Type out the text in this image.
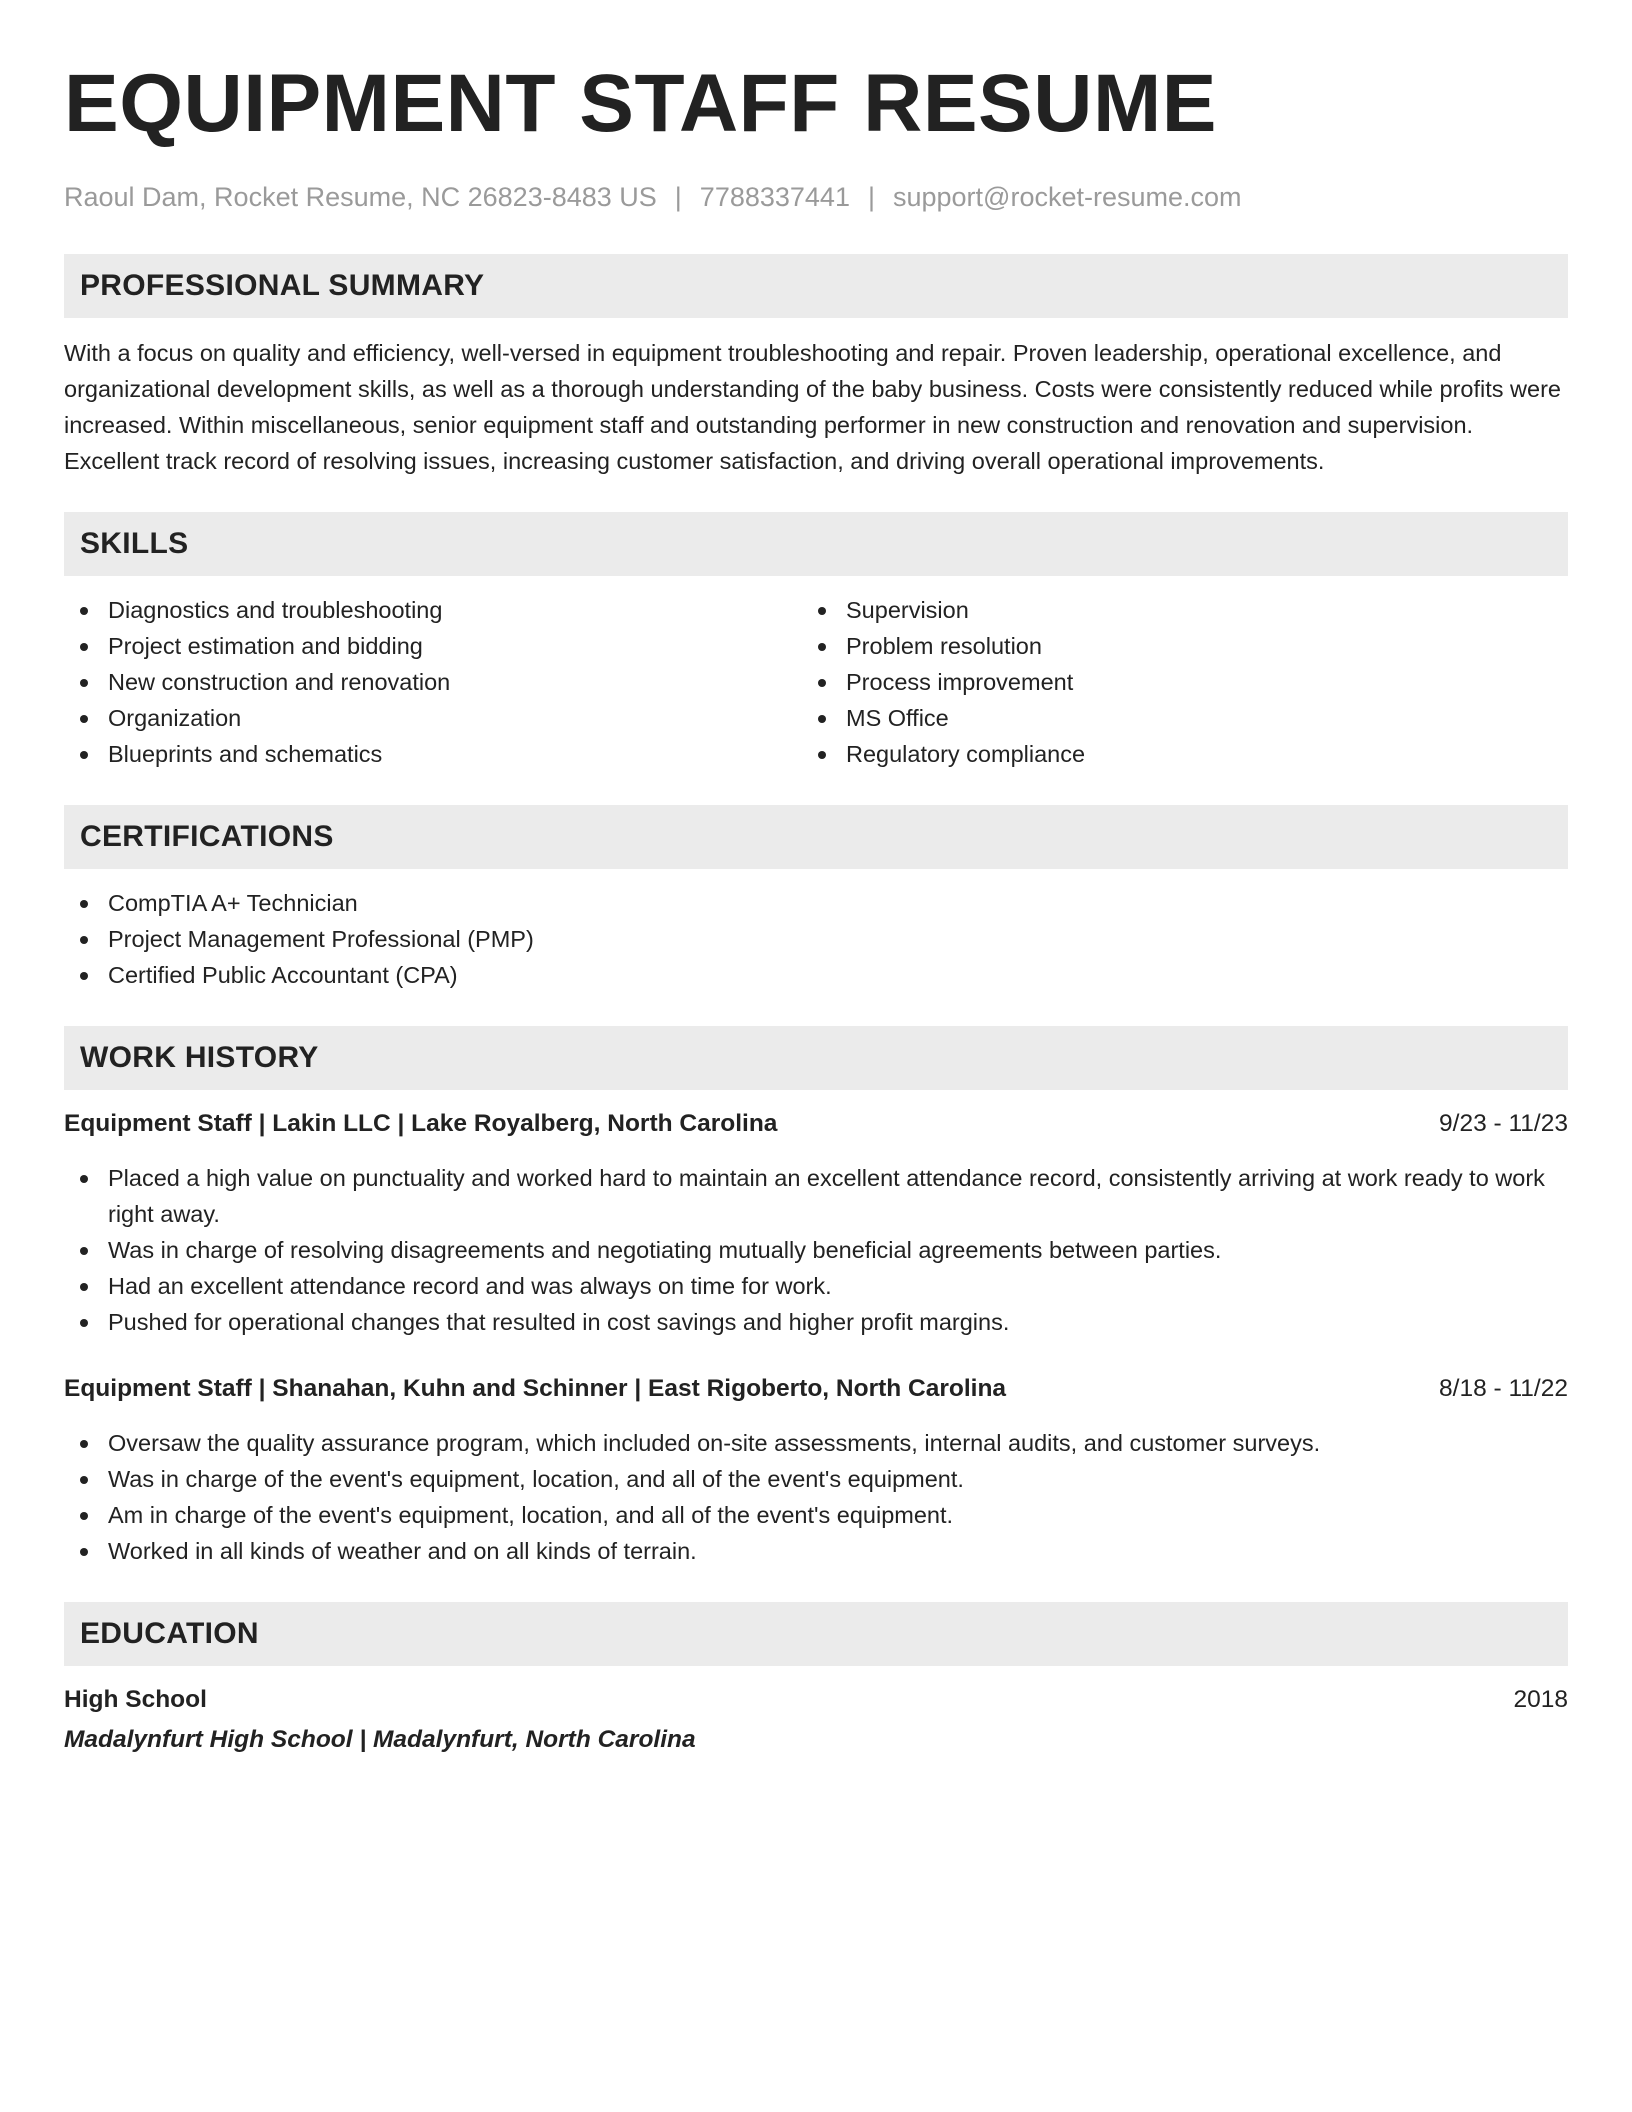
EQUIPMENT STAFF RESUME
Raoul Dam, Rocket Resume, NC 26823-8483 US | 7788337441 | support@rocket-resume.com
PROFESSIONAL SUMMARY
With a focus on quality and efficiency, well-versed in equipment troubleshooting and repair. Proven leadership, operational excellence, and organizational development skills, as well as a thorough understanding of the baby business. Costs were consistently reduced while profits were increased. Within miscellaneous, senior equipment staff and outstanding performer in new construction and renovation and supervision. Excellent track record of resolving issues, increasing customer satisfaction, and driving overall operational improvements.
SKILLS
Diagnostics and troubleshooting
Project estimation and bidding
New construction and renovation
Organization
Blueprints and schematics
Supervision
Problem resolution
Process improvement
MS Office
Regulatory compliance
CERTIFICATIONS
CompTIA A+ Technician
Project Management Professional (PMP)
Certified Public Accountant (CPA)
WORK HISTORY
Equipment Staff | Lakin LLC | Lake Royalberg, North Carolina	9/23 - 11/23
Placed a high value on punctuality and worked hard to maintain an excellent attendance record, consistently arriving at work ready to work right away.
Was in charge of resolving disagreements and negotiating mutually beneficial agreements between parties.
Had an excellent attendance record and was always on time for work.
Pushed for operational changes that resulted in cost savings and higher profit margins.
Equipment Staff | Shanahan, Kuhn and Schinner | East Rigoberto, North Carolina	8/18 - 11/22
Oversaw the quality assurance program, which included on-site assessments, internal audits, and customer surveys.
Was in charge of the event's equipment, location, and all of the event's equipment.
Am in charge of the event's equipment, location, and all of the event's equipment.
Worked in all kinds of weather and on all kinds of terrain.
EDUCATION
High School	2018
Madalynfurt High School | Madalynfurt, North Carolina
